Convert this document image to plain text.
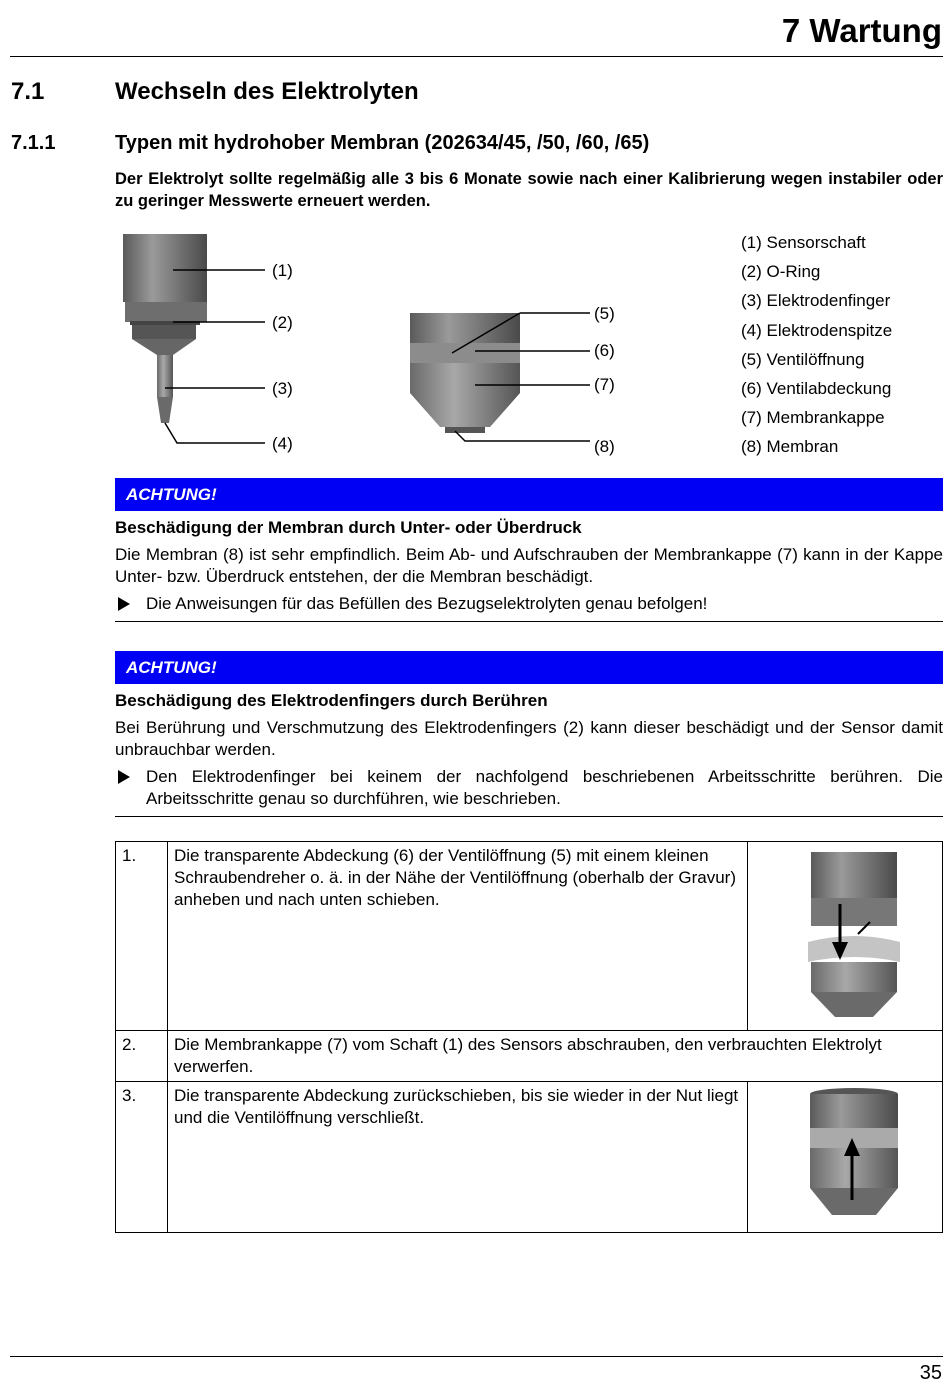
7 Wartung
7.1	Wechseln des Elektrolyten
7.1.1	Typen mit hydrohober Membran (202634/45, /50, /60, /65)

Der Elektrolyt sollte regelmäßig alle 3 bis 6 Monate sowie nach einer Kalibrierung wegen instabiler oder zu geringer Messwerte erneuert werden.

(1)
(2)
(3)
(4)
(5)
(6)
(7)
(8)
(1) Sensorschaft
(2) O-Ring
(3) Elektrodenfinger
(4) Elektrodenspitze
(5) Ventilöffnung
(6) Ventilabdeckung
(7) Membrankappe
(8) Membran
ACHTUNG!

Beschädigung der Membran durch Unter- oder Überdruck

Die Membran (8) ist sehr empfindlich. Beim Ab- und Aufschrauben der Membrankappe (7) kann in der Kappe Unter- bzw. Überdruck entstehen, der die Membran beschädigt.

Die Anweisungen für das Befüllen des Bezugselektrolyten genau befolgen!

ACHTUNG!

Beschädigung des Elektrodenfingers durch Berühren

Bei Berührung und Verschmutzung des Elektrodenfingers (2) kann dieser beschädigt und der Sensor damit unbrauchbar werden.

Den Elektrodenfinger bei keinem der nachfolgend beschriebenen Arbeitsschritte berühren. Die Arbeitsschritte genau so durchführen, wie beschrieben.

1.	Die transparente Abdeckung (6) der Ventilöffnung (5) mit einem kleinen Schraubendreher o. ä. in der Nähe der Ventilöffnung (oberhalb der Gravur) anheben und nach unten schieben.	
2.	Die Membrankappe (7) vom Schaft (1) des Sensors abschrauben, den verbrauchten Elektrolyt verwerfen.	
3.	Die transparente Abdeckung zurückschieben, bis sie wieder in der Nut liegt und die Ventilöffnung verschließt.	

35
